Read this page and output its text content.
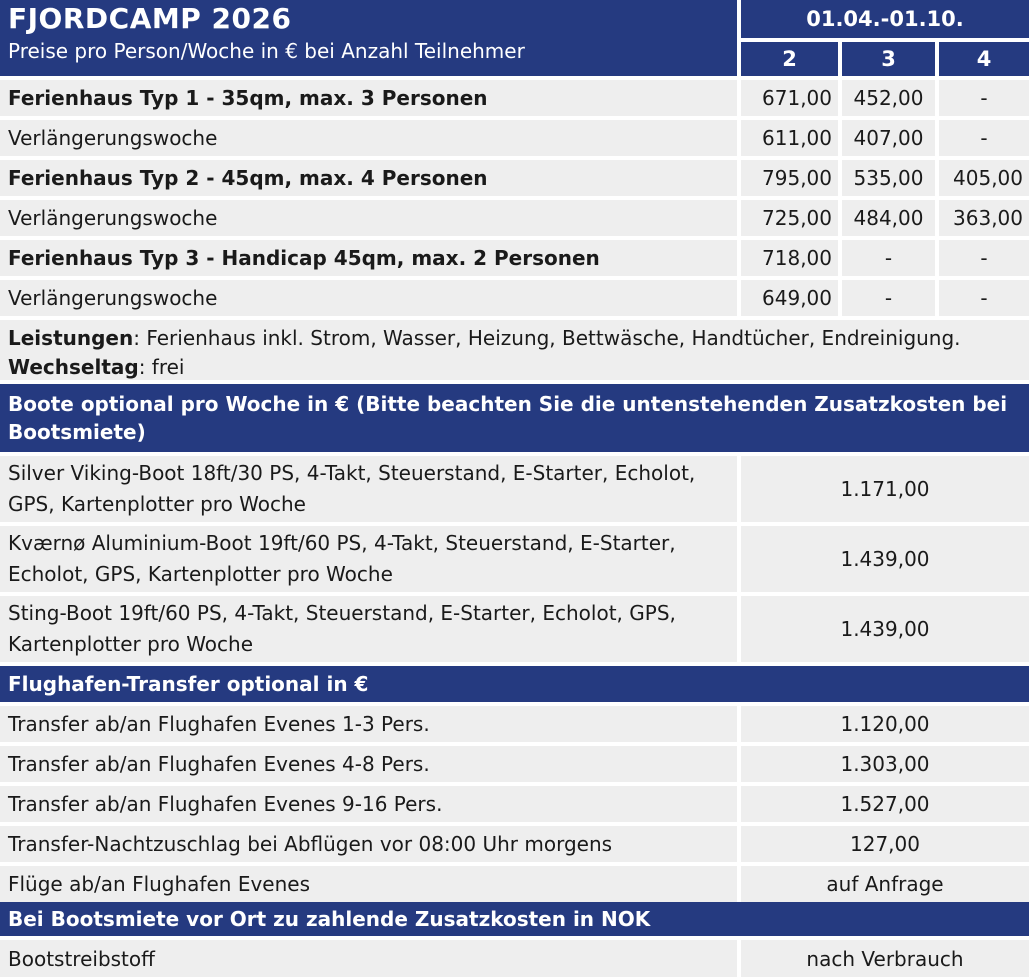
FJORDCAMP 2026
Preise pro Person/Woche in € bei Anzahl Teilnehmer
01.04.-01.10.
2	3	4
Ferienhaus Typ 1 - 35qm, max. 3 Personen	671,00	452,00	-
Verlängerungswoche	611,00	407,00	-
Ferienhaus Typ 2 - 45qm, max. 4 Personen	795,00	535,00	405,00
Verlängerungswoche	725,00	484,00	363,00
Ferienhaus Typ 3 - Handicap 45qm, max. 2 Personen	718,00	-	-
Verlängerungswoche	649,00	-	-
Leistungen: Ferienhaus inkl. Strom, Wasser, Heizung, Bettwäsche, Handtücher, Endreinigung.
Wechseltag: frei
Boote optional pro Woche in € (Bitte beachten Sie die untenstehenden Zusatzkosten bei Bootsmiete)
Silver Viking-Boot 18ft/30 PS, 4-Takt, Steuerstand, E-Starter, Echolot, GPS, Kartenplotter pro Woche
1.171,00
Kværnø Aluminium-Boot 19ft/60 PS, 4-Takt, Steuerstand, E-Starter, Echolot, GPS, Kartenplotter pro Woche
1.439,00
Sting-Boot 19ft/60 PS, 4-Takt, Steuerstand, E-Starter, Echolot, GPS, Kartenplotter pro Woche
1.439,00
Flughafen-Transfer optional in €
Transfer ab/an Flughafen Evenes 1-3 Pers.	1.120,00
Transfer ab/an Flughafen Evenes 4-8 Pers.	1.303,00
Transfer ab/an Flughafen Evenes 9-16 Pers.	1.527,00
Transfer-Nachtzuschlag bei Abflügen vor 08:00 Uhr morgens	127,00
Flüge ab/an Flughafen Evenes	auf Anfrage
Bei Bootsmiete vor Ort zu zahlende Zusatzkosten in NOK
Bootstreibstoff	nach Verbrauch
